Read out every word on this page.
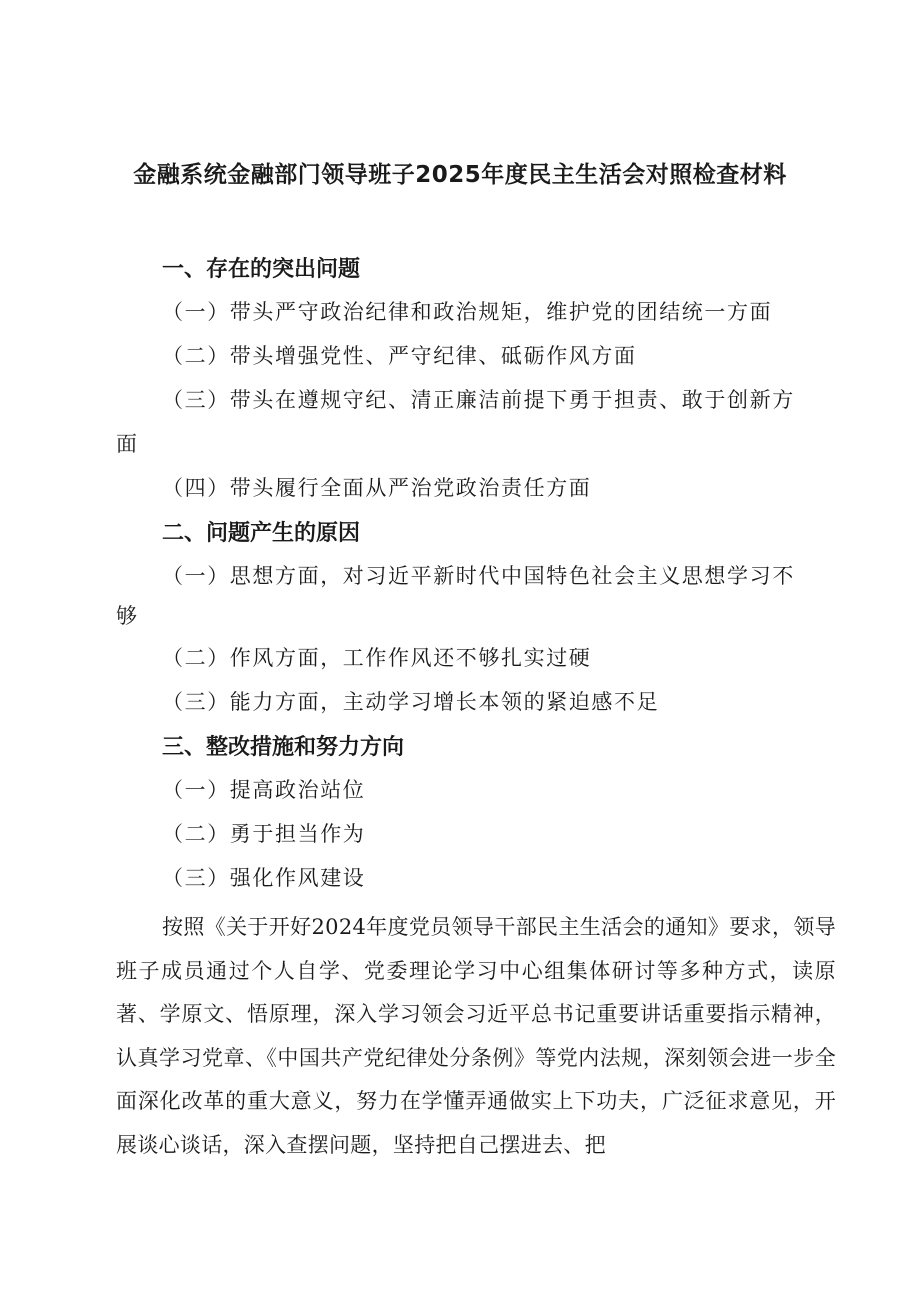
金融系统金融部门领导班子2025年度民主生活会对照检查材料
一、存在的突出问题
（一）带头严守政治纪律和政治规矩，维护党的团结统一方面
（二）带头增强党性、严守纪律、砥砺作风方面
（三）带头在遵规守纪、清正廉洁前提下勇于担责、敢于创新方
面
（四）带头履行全面从严治党政治责任方面
二、问题产生的原因
（一）思想方面，对习近平新时代中国特色社会主义思想学习不
够
（二）作风方面，工作作风还不够扎实过硬
（三）能力方面，主动学习增长本领的紧迫感不足
三、整改措施和努力方向
（一）提高政治站位
（二）勇于担当作为
（三）强化作风建设
按照《关于开好2024年度党员领导干部民主生活会的通知》要求，领导班子成员通过个人自学、党委理论学习中心组集体研讨等多种方式，读原著、学原文、悟原理，深入学习领会习近平总书记重要讲话重要指示精神，认真学习党章、《中国共产党纪律处分条例》等党内法规，深刻领会进一步全面深化改革的重大意义，努力在学懂弄通做实上下功夫，广泛征求意见，开展谈心谈话，深入查摆问题，坚持把自己摆进去、把
